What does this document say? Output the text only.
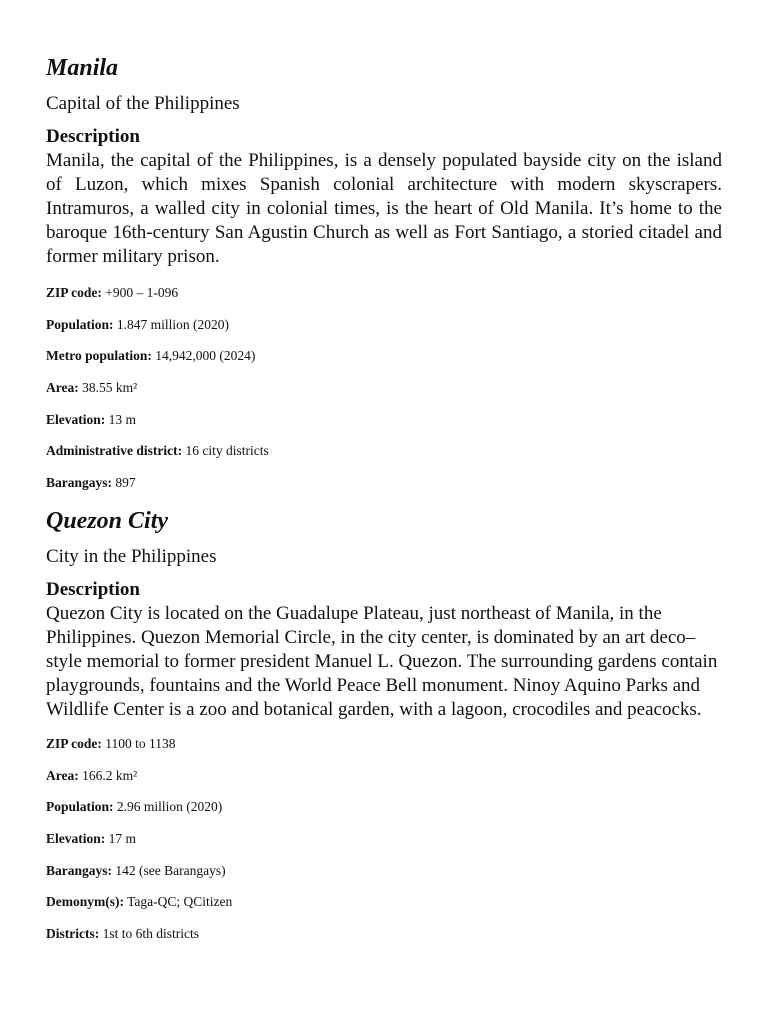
Manila

Capital of the Philippines

Description

Manila, the capital of the Philippines, is a densely populated bayside city on the island of Luzon, which mixes Spanish colonial architecture with modern skyscrapers. Intramuros, a walled city in colonial times, is the heart of Old Manila. It’s home to the baroque 16th-century San Agustin Church as well as Fort Santiago, a storied citadel and former military prison.

ZIP code: +900 – 1-096
Population: 1.847 million (2020)
Metro population: 14,942,000 (2024)
Area: 38.55 km²
Elevation: 13 m
Administrative district: 16 city districts
Barangays: 897
Quezon City

City in the Philippines

Description

Quezon City is located on the Guadalupe Plateau, just northeast of Manila, in the Philippines. Quezon Memorial Circle, in the city center, is dominated by an art deco–style memorial to former president Manuel L. Quezon. The surrounding gardens contain playgrounds, fountains and the World Peace Bell monument. Ninoy Aquino Parks and Wildlife Center is a zoo and botanical garden, with a lagoon, crocodiles and peacocks.

ZIP code: 1100 to 1138
Area: 166.2 km²
Population: 2.96 million (2020)
Elevation: 17 m
Barangays: 142 (see Barangays)
Demonym(s): Taga-QC; QCitizen
Districts: 1st to 6th districts
